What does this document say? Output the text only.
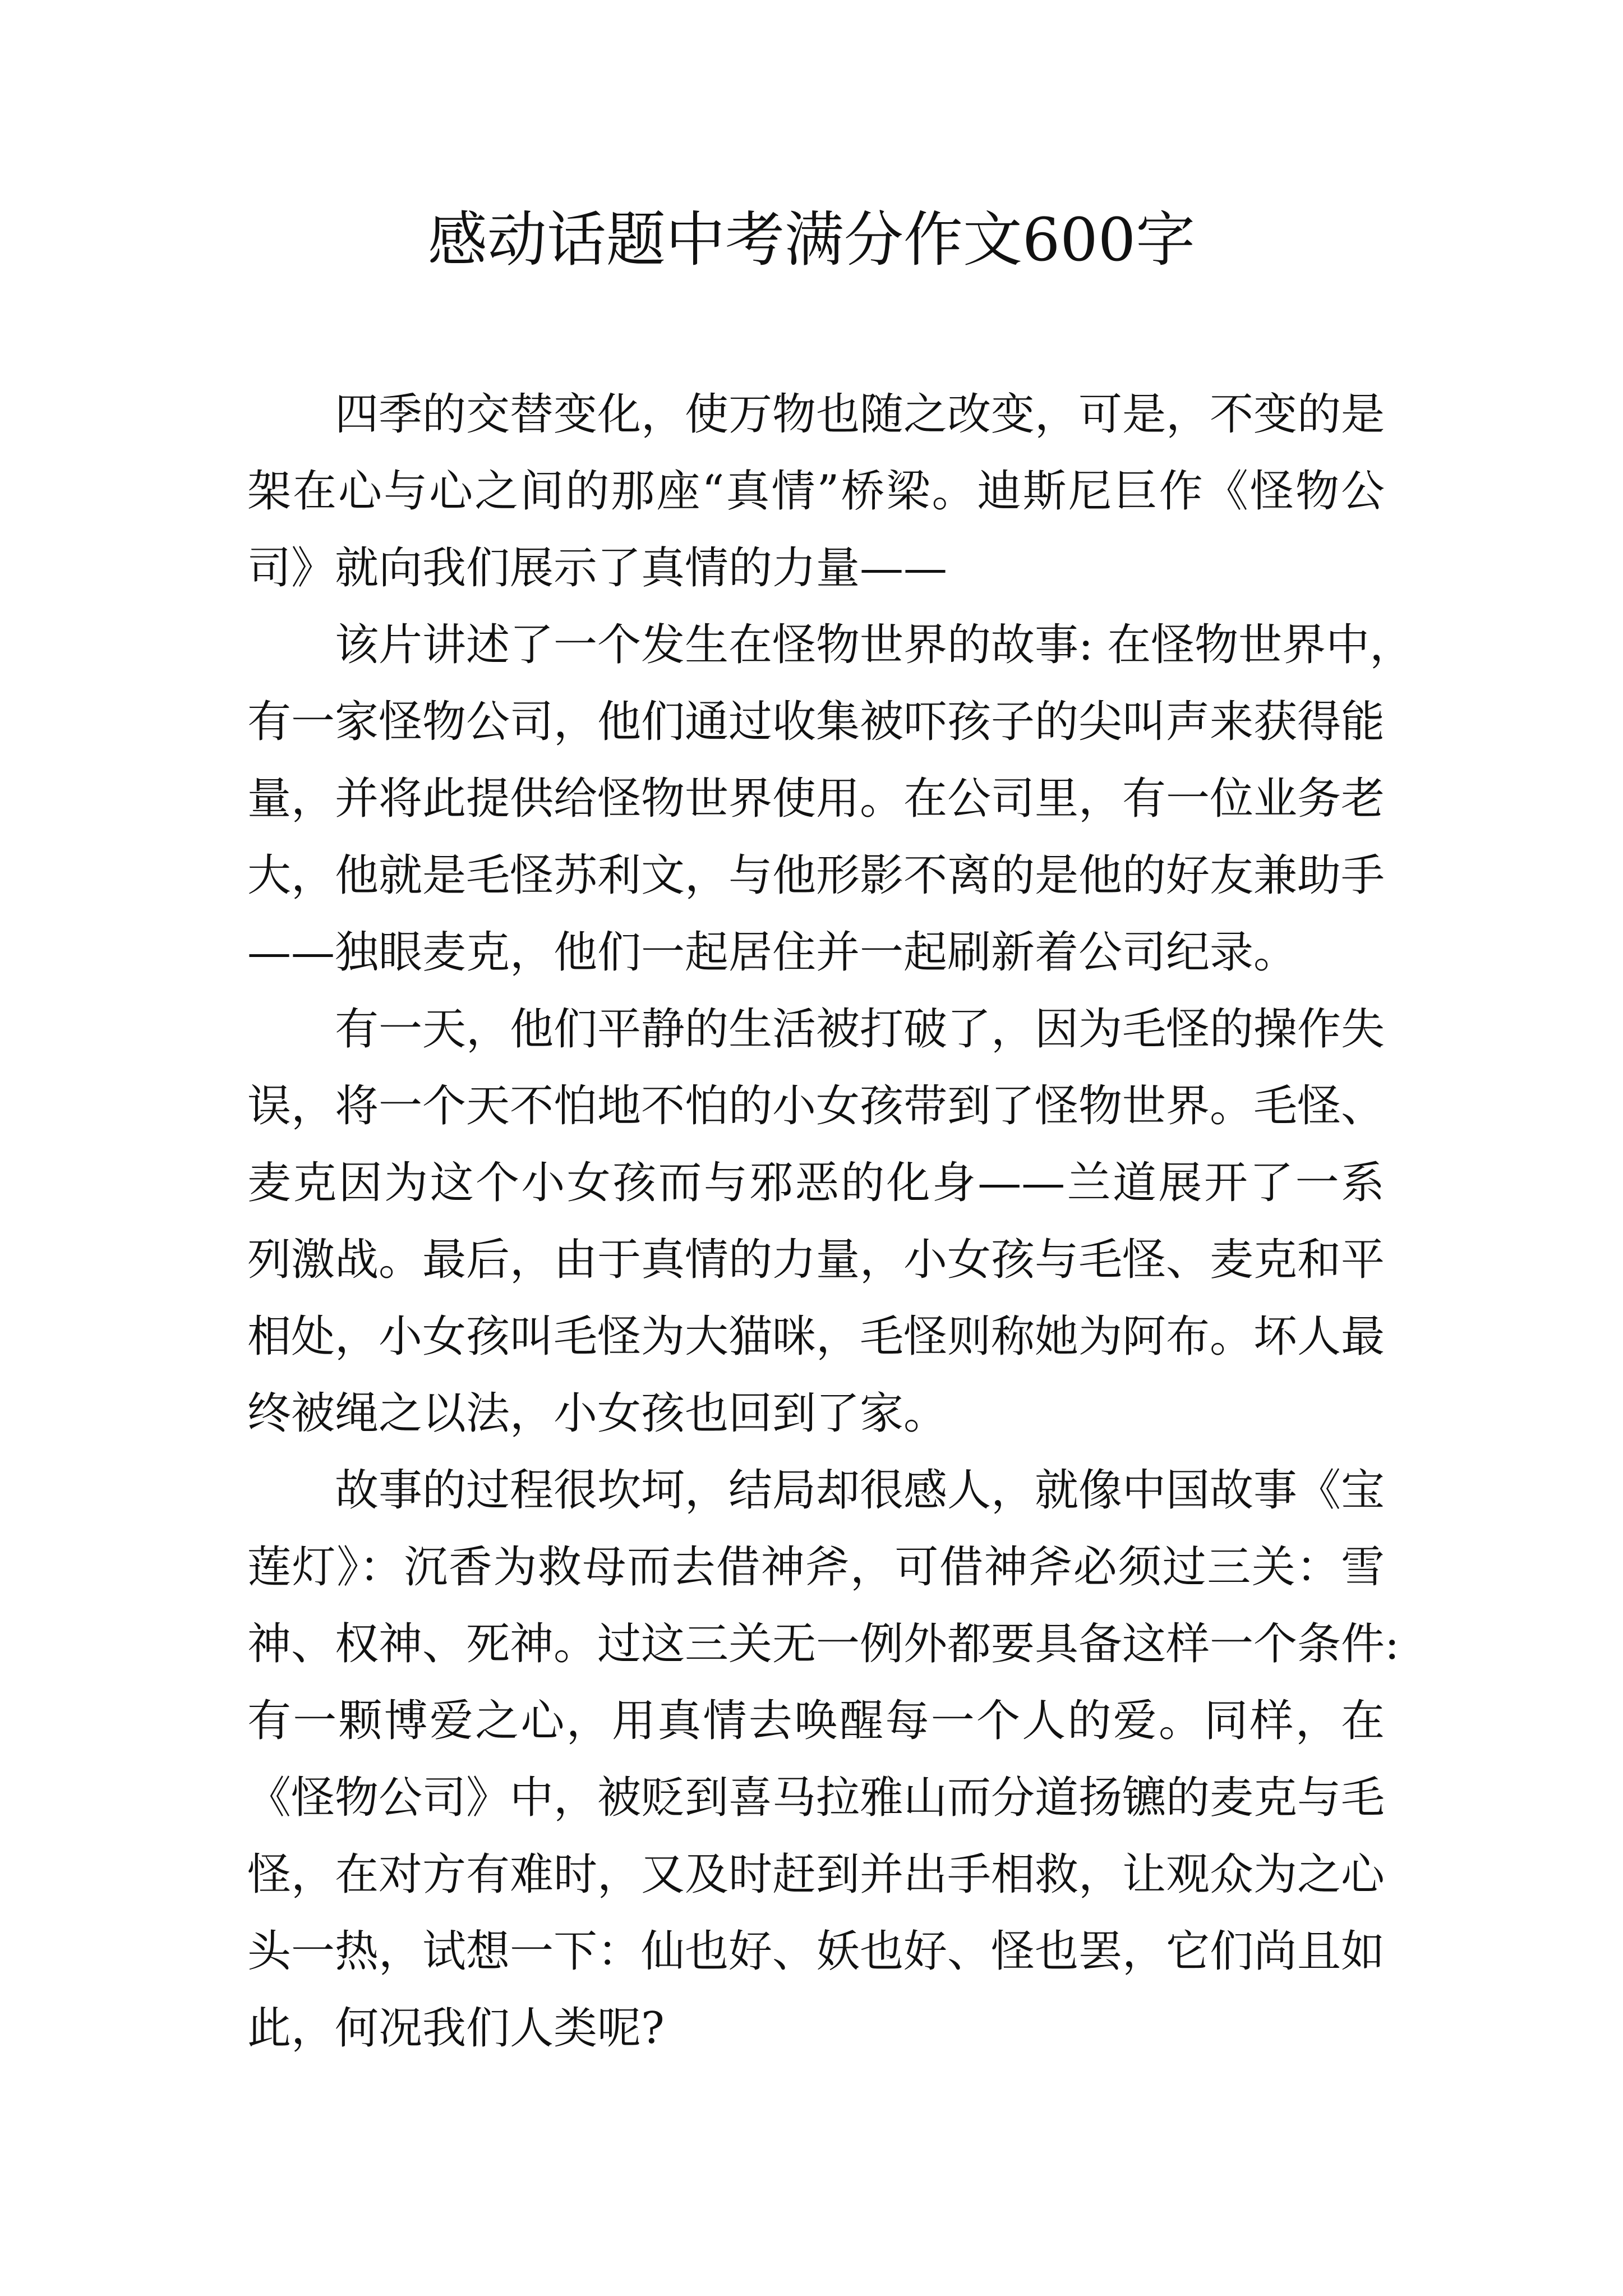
感动话题中考满分作文600字
四季的交替变化，使万物也随之改变，可是，不变的是
架在心与心之间的那座“真情”桥梁。迪斯尼巨作《怪物公
司》就向我们展示了真情的力量——
该片讲述了一个发生在怪物世界的故事: 在怪物世界中，
有一家怪物公司，他们通过收集被吓孩子的尖叫声来获得能
量，并将此提供给怪物世界使用。在公司里，有一位业务老
大，他就是毛怪苏利文，与他形影不离的是他的好友兼助手
——独眼麦克，他们一起居住并一起刷新着公司纪录。
有一天，他们平静的生活被打破了，因为毛怪的操作失
误，将一个天不怕地不怕的小女孩带到了怪物世界。毛怪、
麦克因为这个小女孩而与邪恶的化身——兰道展开了一系
列激战。最后，由于真情的力量，小女孩与毛怪、麦克和平
相处，小女孩叫毛怪为大猫咪，毛怪则称她为阿布。坏人最
终被绳之以法，小女孩也回到了家。
故事的过程很坎坷，结局却很感人，就像中国故事《宝
莲灯》：沉香为救母而去借神斧，可借神斧必须过三关：雪
神、权神、死神。过这三关无一例外都要具备这样一个条件:
有一颗博爱之心，用真情去唤醒每一个人的爱。同样，在
《怪物公司》中，被贬到喜马拉雅山而分道扬镳的麦克与毛
怪，在对方有难时，又及时赶到并出手相救，让观众为之心
头一热，试想一下：仙也好、妖也好、怪也罢，它们尚且如
此，何况我们人类呢?
